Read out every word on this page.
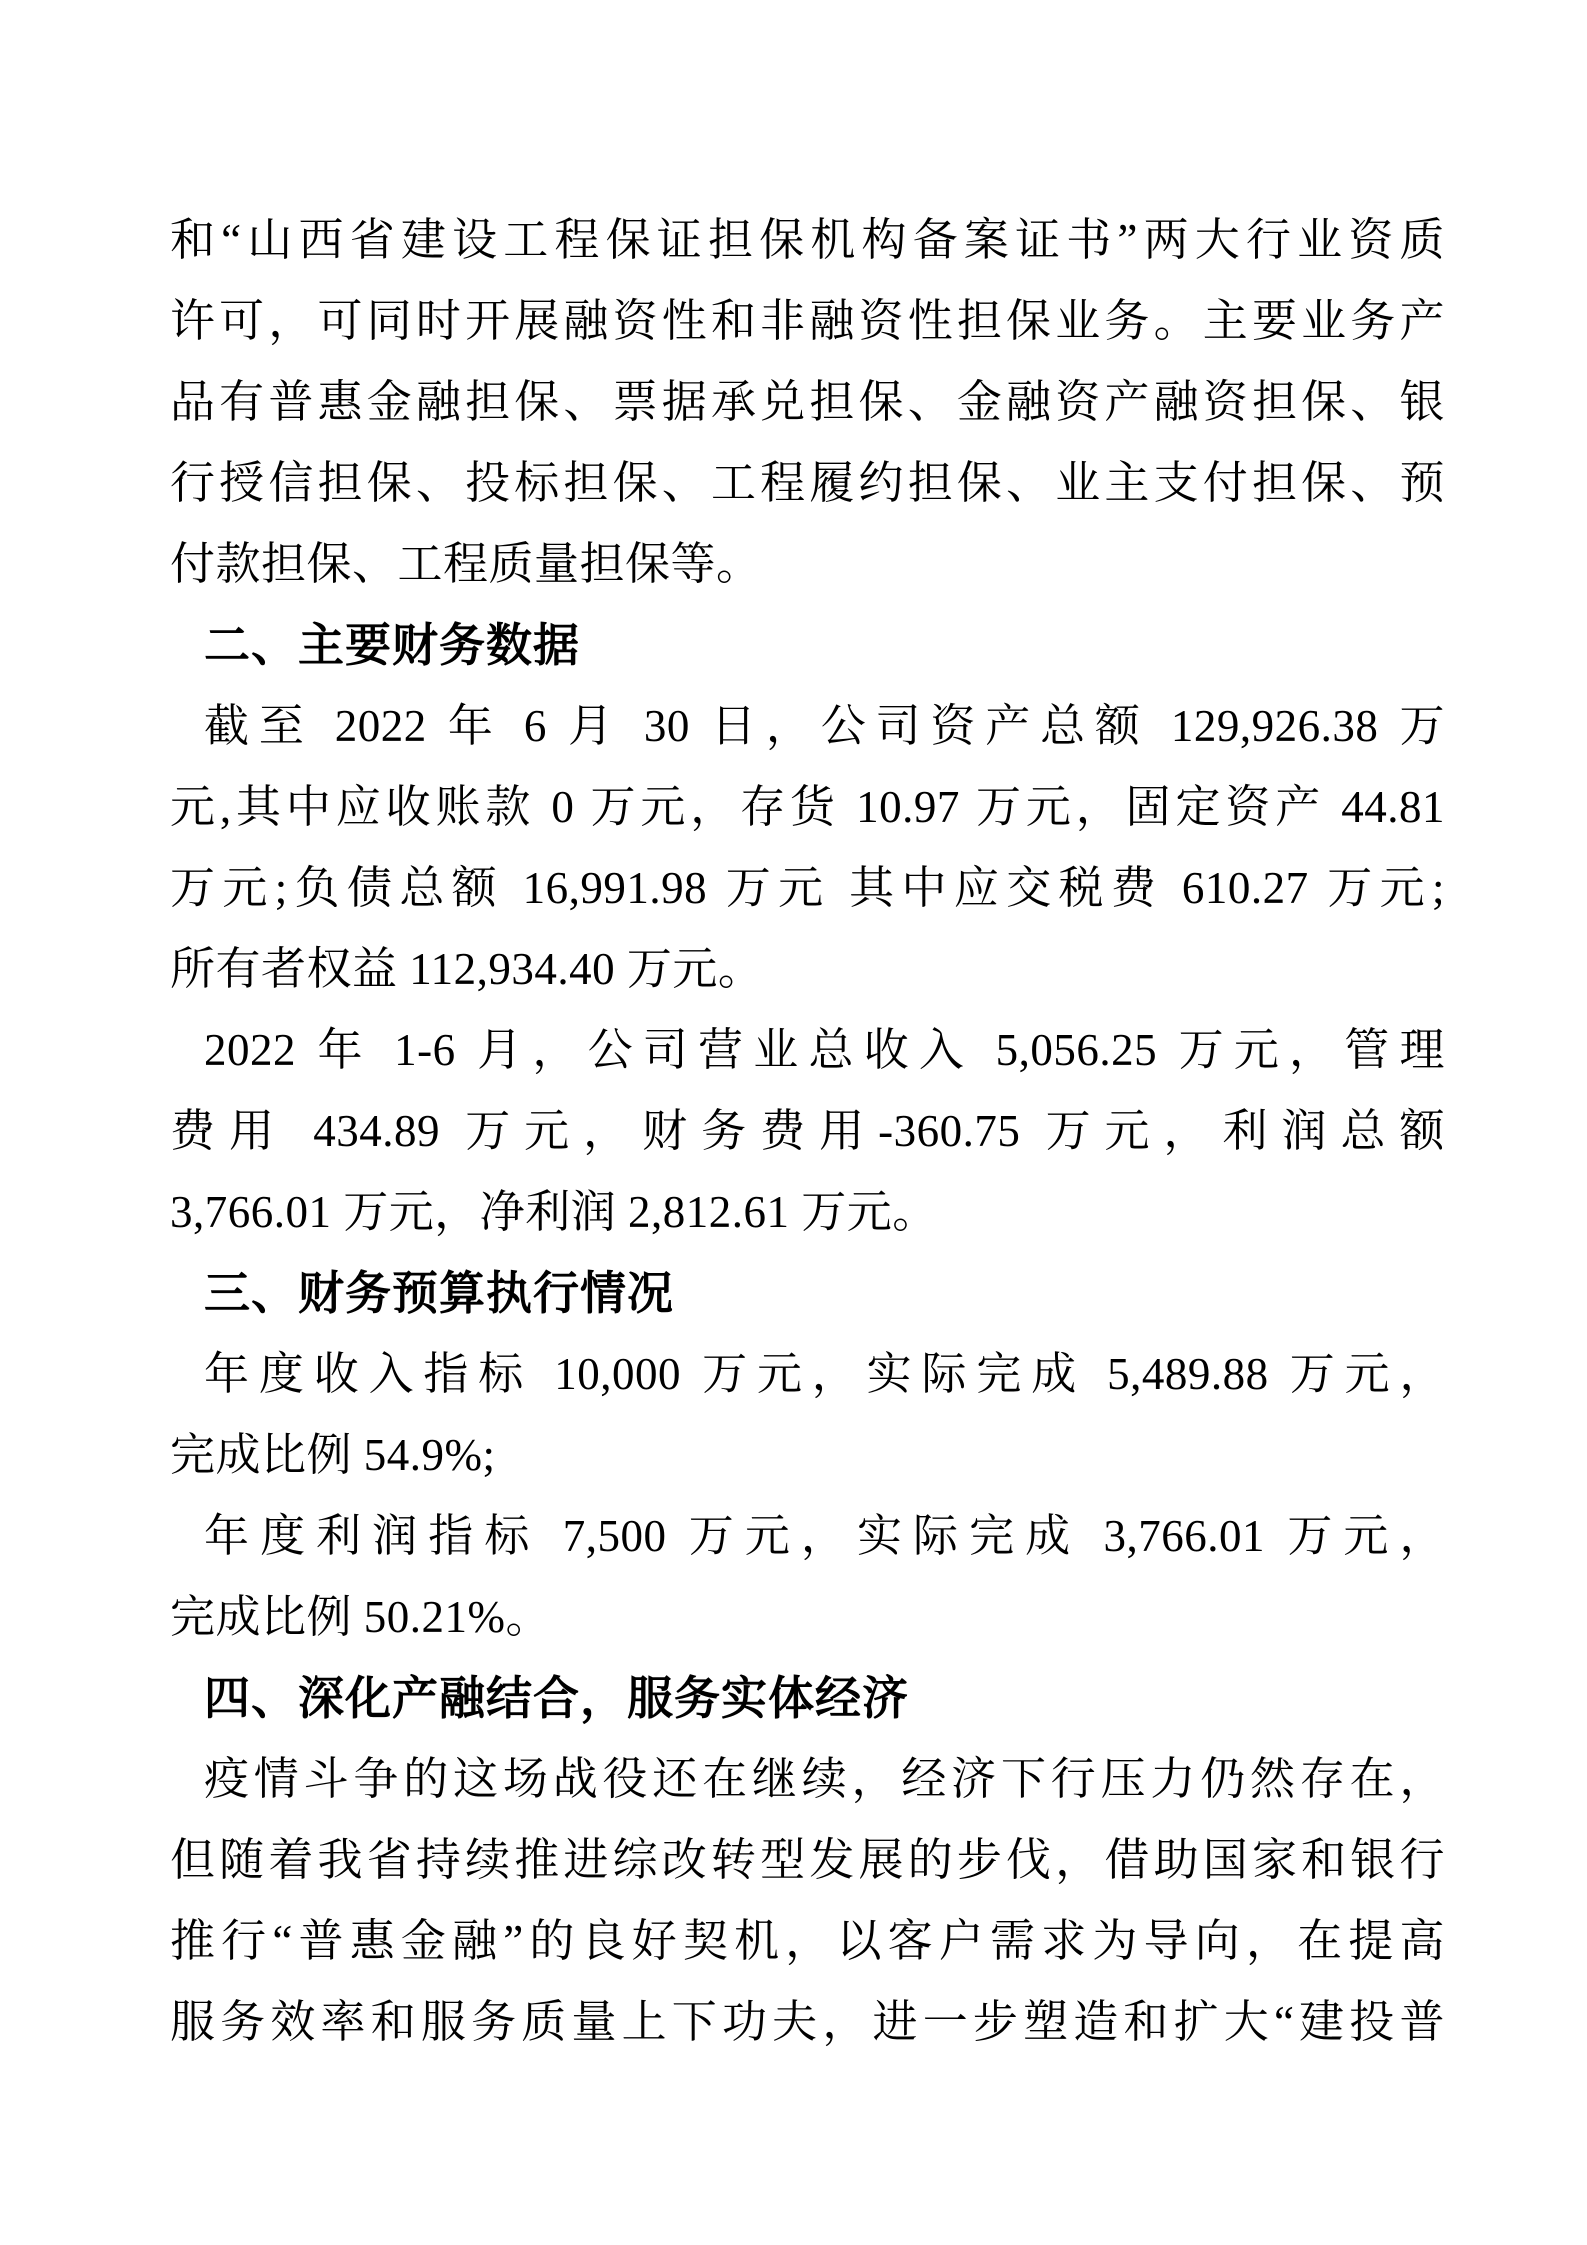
和“山西省建设工程保证担保机构备案证书”两大行业资质
许可，可同时开展融资性和非融资性担保业务。主要业务产
品有普惠金融担保、票据承兑担保、金融资产融资担保、银
行授信担保、投标担保、工程履约担保、业主支付担保、预
付款担保、工程质量担保等。
二、主要财务数据
截至 2022 年 6 月 30 日，公司资产总额 129,926.38 万
元,其中应收账款 0 万元，存货 10.97 万元，固定资产 44.81
万元;负债总额 16,991.98 万元 其中应交税费 610.27 万元;
所有者权益 112,934.40 万元。
2022 年 1-6 月，公司营业总收入 5,056.25 万元，管理
费用 434.89 万元，财务费用-360.75 万元，利润总额
3,766.01 万元，净利润 2,812.61 万元。
三、财务预算执行情况
年度收入指标 10,000 万元，实际完成 5,489.88 万元，
完成比例 54.9%;
年度利润指标 7,500 万元，实际完成 3,766.01 万元，
完成比例 50.21%。
四、深化产融结合，服务实体经济
疫情斗争的这场战役还在继续，经济下行压力仍然存在，
但随着我省持续推进综改转型发展的步伐，借助国家和银行
推行“普惠金融”的良好契机，以客户需求为导向，在提高
服务效率和服务质量上下功夫，进一步塑造和扩大“建投普
